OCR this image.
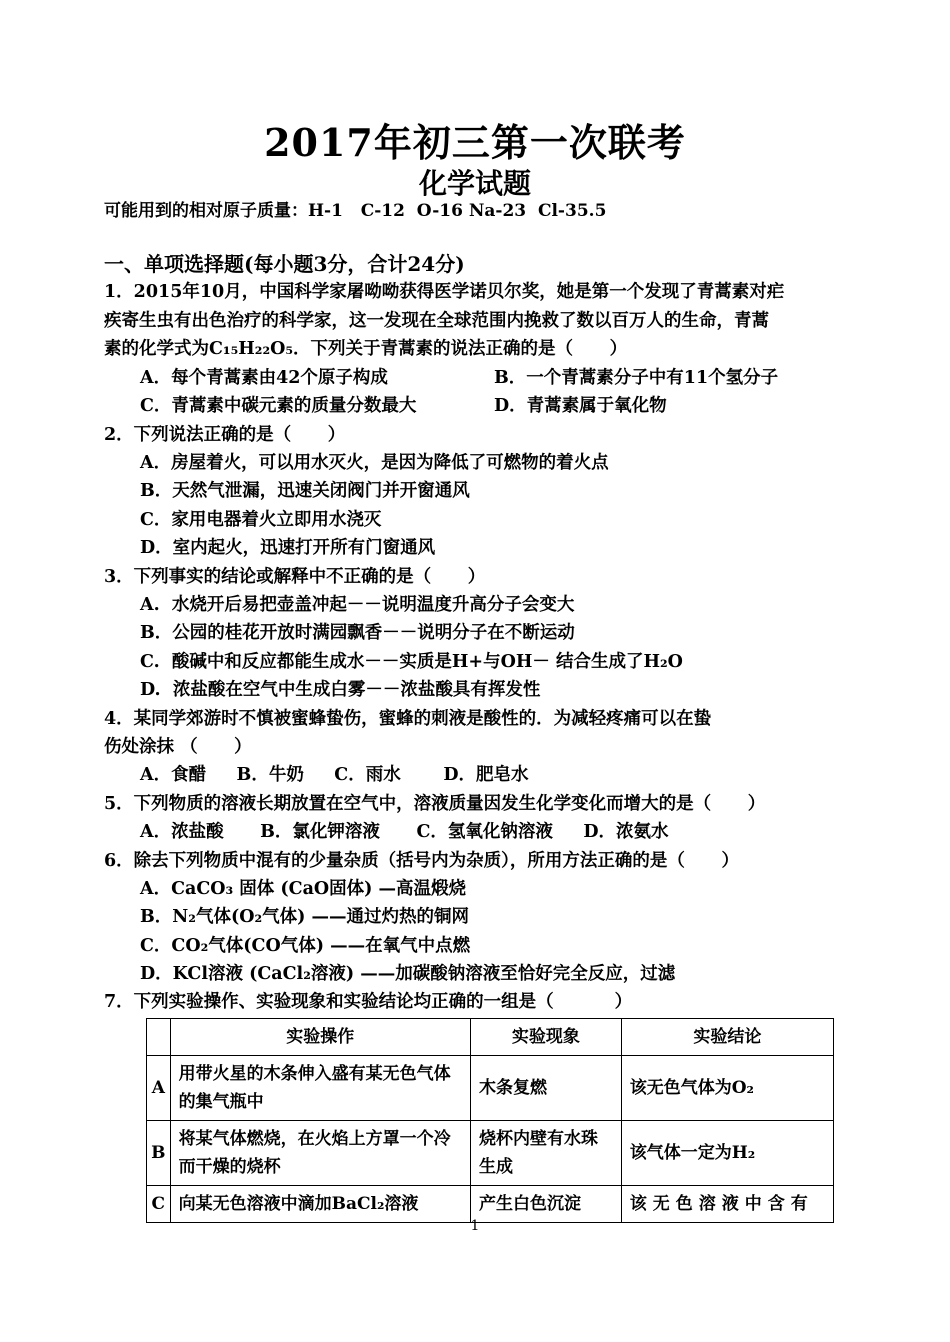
2017年初三第一次联考
化学试题
可能用到的相对原子质量：H-1   C-12  O-16 Na-23  Cl-35.5
一、单项选择题(每小题3分，合计24分)
1．2015年10月，中国科学家屠呦呦获得医学诺贝尔奖，她是第一个发现了青蒿素对疟
疾寄生虫有出色治疗的科学家，这一发现在全球范围内挽救了数以百万人的生命，青蒿
素的化学式为C₁₅H₂₂O₅．下列关于青蒿素的说法正确的是（      ）
A．每个青蒿素由42个原子构成	B．一个青蒿素分子中有11个氢分子
C．青蒿素中碳元素的质量分数最大	D．青蒿素属于氧化物
2．下列说法正确的是（      ）
A．房屋着火，可以用水灭火，是因为降低了可燃物的着火点
B．天然气泄漏，迅速关闭阀门并开窗通风
C．家用电器着火立即用水浇灭
D．室内起火，迅速打开所有门窗通风
3．下列事实的结论或解释中不正确的是（      ）
A.  水烧开后易把壶盖冲起－－说明温度升高分子会变大
B．公园的桂花开放时满园飘香－－说明分子在不断运动
C.  酸碱中和反应都能生成水－－实质是H+与OH－ 结合生成了H₂O
D.  浓盐酸在空气中生成白雾－－浓盐酸具有挥发性
4．某同学郊游时不慎被蜜蜂蛰伤，蜜蜂的刺液是酸性的．为减轻疼痛可以在蛰
伤处涂抹 （      ）
A．食醋     B．牛奶     C．雨水       D．肥皂水
5．下列物质的溶液长期放置在空气中，溶液质量因发生化学变化而增大的是（      ）
A．浓盐酸      B．氯化钾溶液      C．氢氧化钠溶液     D．浓氨水
6．除去下列物质中混有的少量杂质（括号内为杂质），所用方法正确的是（      ）
A．CaCO₃ 固体 (CaO固体) —高温煅烧
B．N₂气体(O₂气体) ——通过灼热的铜网
C．CO₂气体(CO气体) ——在氧气中点燃
D．KCl溶液 (CaCl₂溶液) ——加碳酸钠溶液至恰好完全反应，过滤
7．下列实验操作、实验现象和实验结论均正确的一组是（          ）
	实验操作	实验现象	实验结论
A	用带火星的木条伸入盛有某无色气体的集气瓶中	木条复燃	该无色气体为O₂
B	将某气体燃烧，在火焰上方罩一个冷而干燥的烧杯	烧杯内壁有水珠生成	该气体一定为H₂
C	向某无色溶液中滴加BaCl₂溶液	产生白色沉淀	该无色溶液中含有
1
